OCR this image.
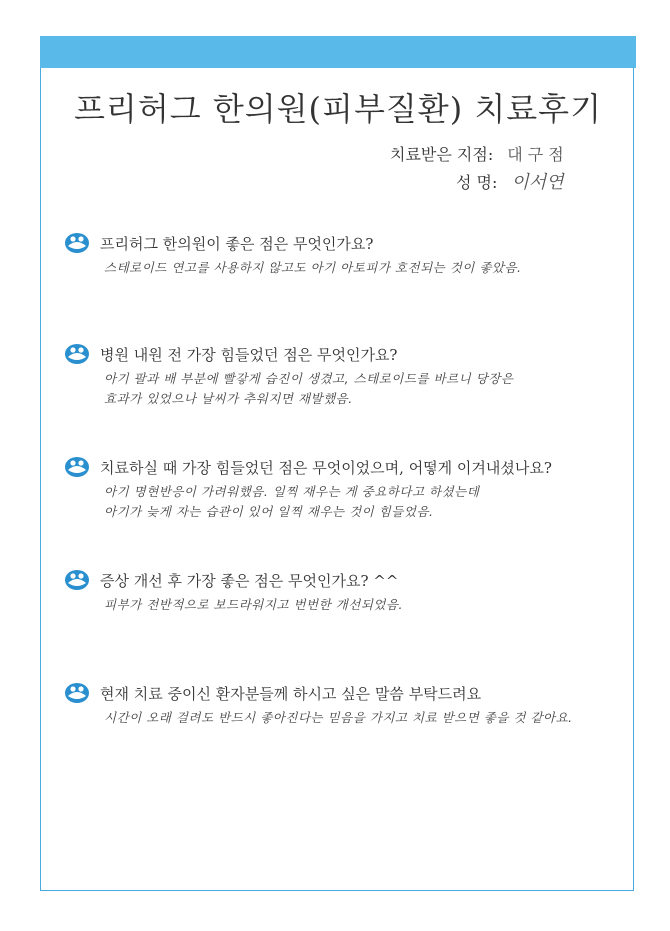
프리허그 한의원(피부질환) 치료후기
치료받은 지점: 대 구 점
성 명: 이서연
프리허그 한의원이 좋은 점은 무엇인가요?
스테로이드 연고를 사용하지 않고도 아기 아토피가 호전되는 것이 좋았음.
병원 내원 전 가장 힘들었던 점은 무엇인가요?
아기 팔과 배 부분에 빨갛게 습진이 생겼고, 스테로이드를 바르니 당장은
효과가 있었으나 날씨가 추워지면 재발했음.
치료하실 때 가장 힘들었던 점은 무엇이었으며, 어떻게 이겨내셨나요?
아기 명현반응이 가려워했음. 일찍 재우는 게 중요하다고 하셨는데
아기가 늦게 자는 습관이 있어 일찍 재우는 것이 힘들었음.
증상 개선 후 가장 좋은 점은 무엇인가요? ^^
피부가 전반적으로 보드라워지고 번번한 개선되었음.
현재 치료 중이신 환자분들께 하시고 싶은 말씀 부탁드려요
시간이 오래 걸려도 반드시 좋아진다는 믿음을 가지고 치료 받으면 좋을 것 같아요.
